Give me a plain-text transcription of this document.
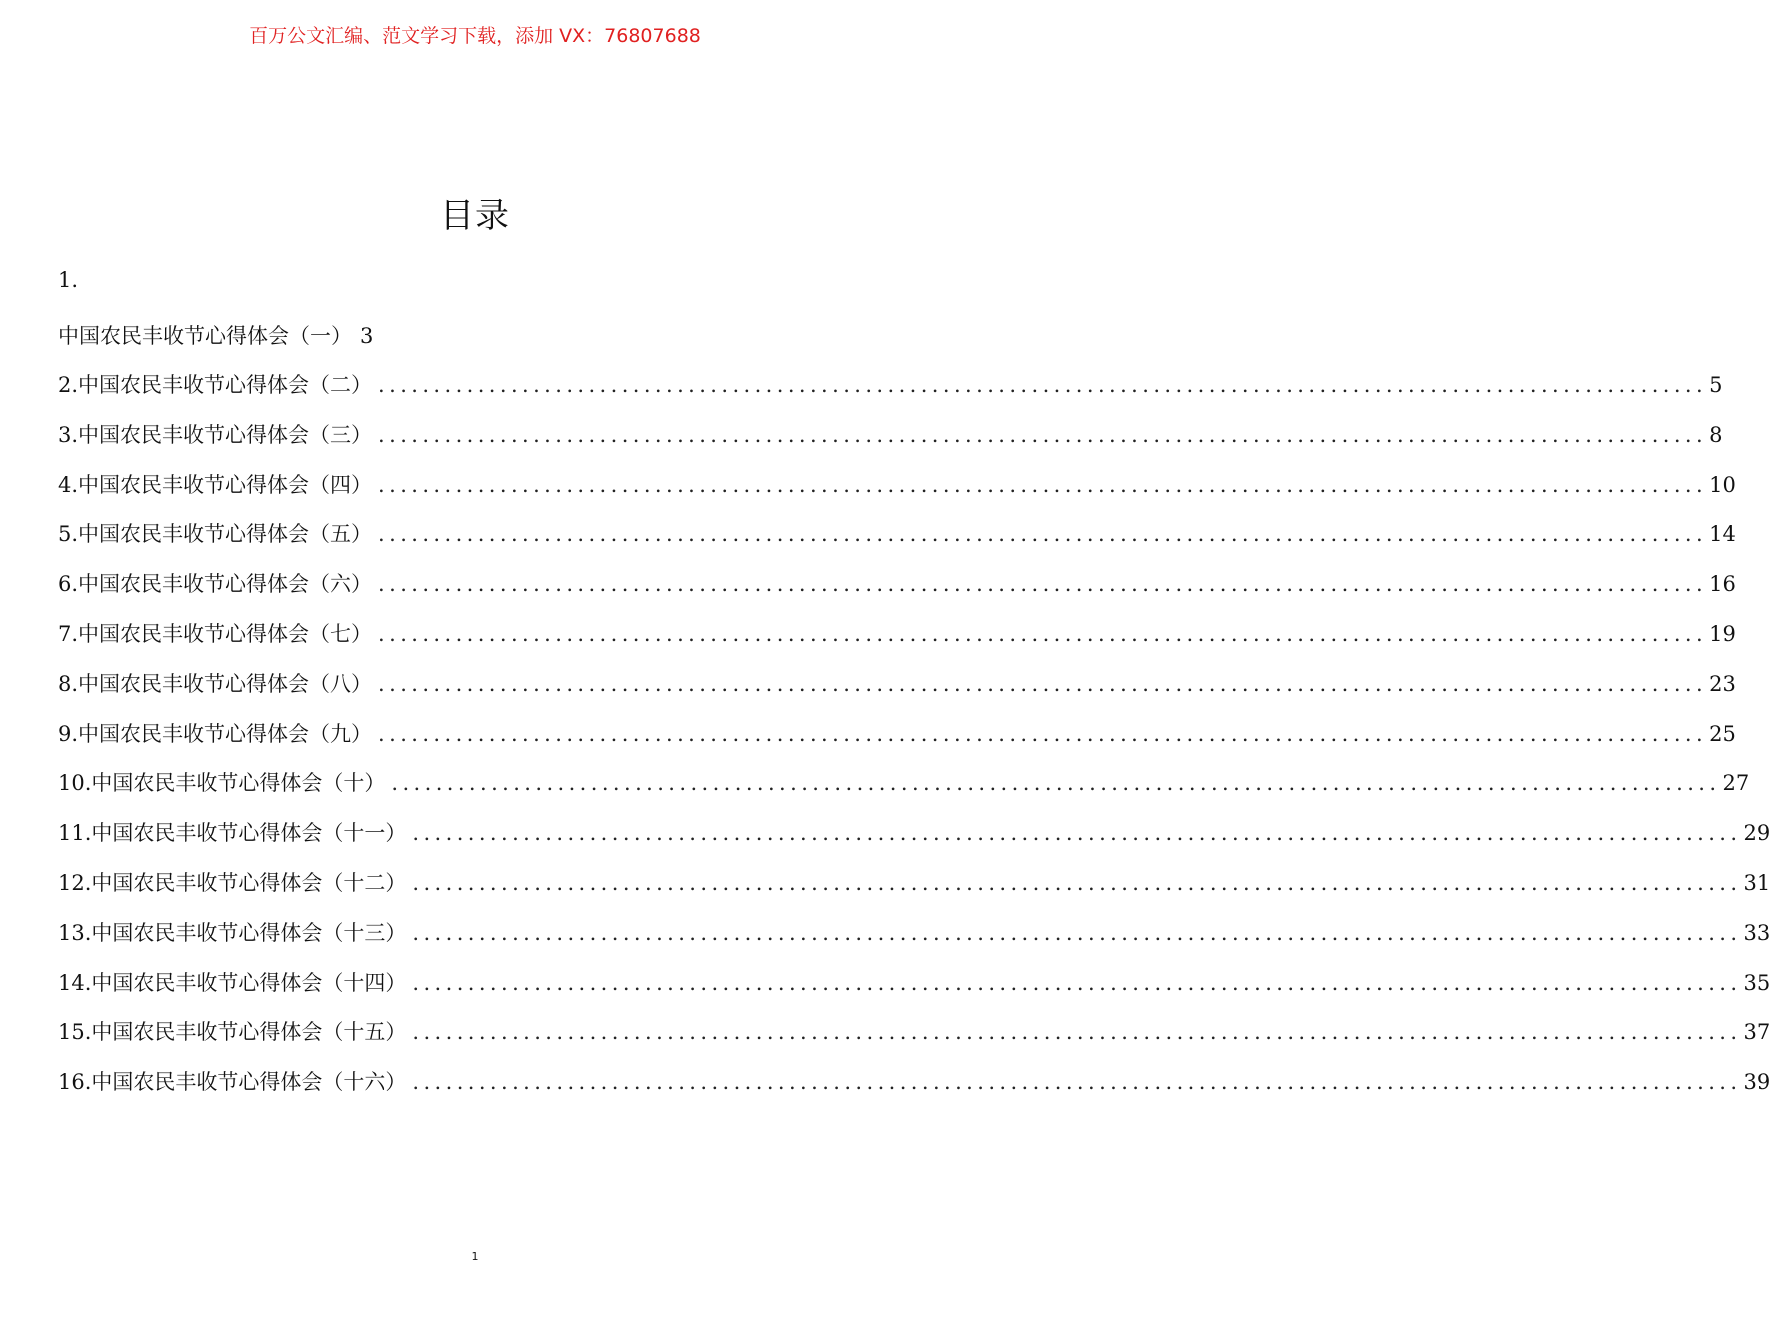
百万公文汇编、范文学习下载，添加 VX：76807688
目录
1.
中国农民丰收节心得体会（一） 3
2.中国农民丰收节心得体会（二） ........................................................................................................................ 5
3.中国农民丰收节心得体会（三） ........................................................................................................................ 8
4.中国农民丰收节心得体会（四） ........................................................................................................................ 10
5.中国农民丰收节心得体会（五） ........................................................................................................................ 14
6.中国农民丰收节心得体会（六） ........................................................................................................................ 16
7.中国农民丰收节心得体会（七） ........................................................................................................................ 19
8.中国农民丰收节心得体会（八） ........................................................................................................................ 23
9.中国农民丰收节心得体会（九） ........................................................................................................................ 25
10.中国农民丰收节心得体会（十） ........................................................................................................................ 27
11.中国农民丰收节心得体会（十一） ........................................................................................................................ 29
12.中国农民丰收节心得体会（十二） ........................................................................................................................ 31
13.中国农民丰收节心得体会（十三） ........................................................................................................................ 33
14.中国农民丰收节心得体会（十四） ........................................................................................................................ 35
15.中国农民丰收节心得体会（十五） ........................................................................................................................ 37
16.中国农民丰收节心得体会（十六） ........................................................................................................................ 39
1
